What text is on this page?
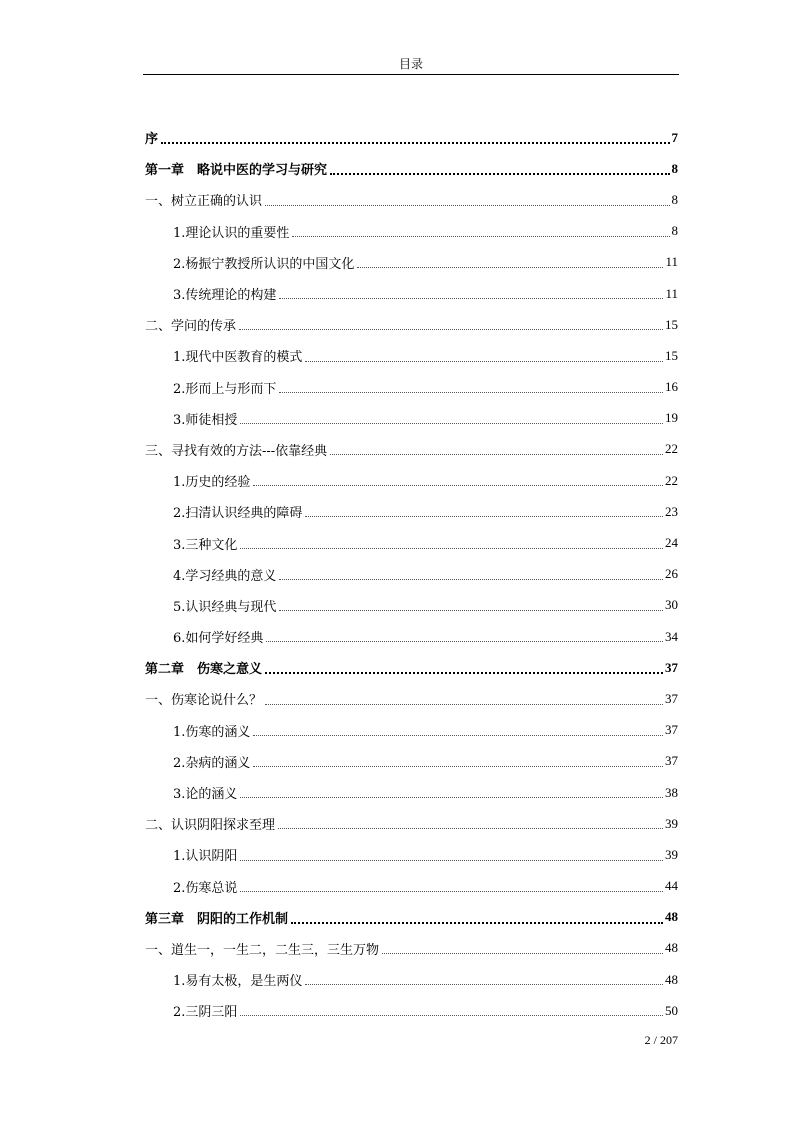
目录
序	7
第一章　略说中医的学习与研究	8
一、树立正确的认识	8
1.理论认识的重要性	8
2.杨振宁教授所认识的中国文化	11
3.传统理论的构建	11
二、学问的传承	15
1.现代中医教育的模式	15
2.形而上与形而下	16
3.师徒相授	19
三、寻找有效的方法---依靠经典	22
1.历史的经验	22
2.扫清认识经典的障碍	23
3.三种文化	24
4.学习经典的意义	26
5.认识经典与现代	30
6.如何学好经典	34
第二章　伤寒之意义	37
一、伤寒论说什么？	37
1.伤寒的涵义	37
2.杂病的涵义	37
3.论的涵义	38
二、认识阴阳探求至理	39
1.认识阴阳	39
2.伤寒总说	44
第三章　阴阳的工作机制	48
一、道生一，一生二，二生三，三生万物	48
1.易有太极，是生两仪	48
2.三阴三阳	50
2 / 207
